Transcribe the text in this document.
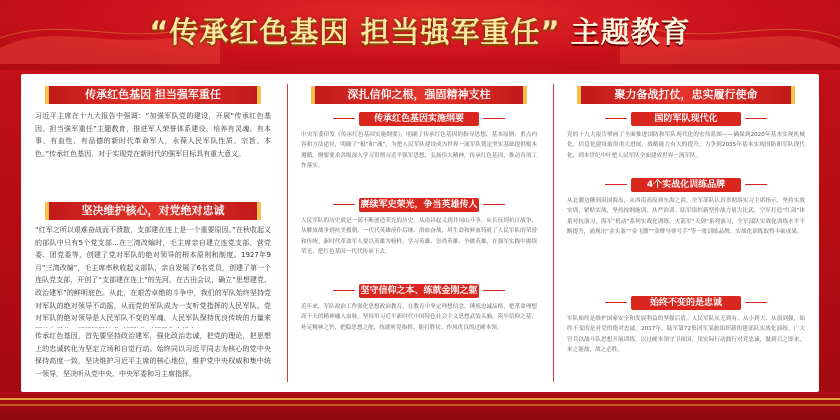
“传承红色基因 担当强军重任” 主题教育
传承红色基因 担当强军重任
习近平主席在十九大报告中强调：“加强军队党的建设，开展“传承红色基因、担当强军重任”主题教育，推进军人荣誉体系建设，培养有灵魂、有本事、有血性、有品德的新时代革命军人，永葆人民军队性质、宗旨、本色。”传承红色基因，对于实现党在新时代的强军目标具有重大意义。
坚决维护核心，对党绝对忠诚
“红军之所以艰难奋战而不溃散，支部建在连上是一个重要原因。”在秋收起义的部队中只有5个党支部...在三湾改编时，毛主席亲自建立连党支部、营党委、团党委等，创建了党对军队的绝对领导的根本原则和制度。1927年9月“三湾改编”，毛主席率秋收起义部队，亲自发展了6名党员，创建了第一个连队党支部，开创了“支部建在连上”的先河。在古田会议，确立“思想建党、政治建军”的鲜明底色。从此，在艰苦卓绝的斗争中，我们的军队始终坚持党对军队的绝对领导不动摇，从而党的军队成为一支听党指挥的人民军队。党对军队的绝对领导是人民军队不变的军魂，人民军队保持优良传统的力量来
传承红色基因，首先要坚持政治建军，强化政治忠诚，把党的理论，把思想上的忠诚转化为坚定立场和自觉行动。始终同以习近平同志为核心的党中央保持高度一致，坚决维护习近平主席的核心地位，维护党中央权威和集中统一领导，坚决听从党中央、中央军委和习主席指挥。
深扎信仰之根，强固精神支柱
传承红色基因实施纲要
中央军委印发《传承红色基因实施纲要》，明确了传承红色基因的指导思想、基本原则、重点内容和方法途径，明确了“根”和“魂”，为把人民军队建设成为世界一流军队奠定坚实基础提供根本遵循。纲要要求各级深入学习贯彻习近平强军思想，弘扬伟大精神，传承红色基因，推动各项工作落实。
赓续军史荣光，争当英雄传人
人民军队的历史就是一部不断创造荣光的历史。从南昌起义到井冈山斗争、从长征到抗日战争、从解放战争到抗美援朝，一代代英雄前仆后继、浴血奋战，用生命和鲜血铸就了人民军队的荣誉和传统。新时代革命军人要以英雄为榜样，学习英雄、崇尚英雄、争做英雄，在强军实践中赓续荣光，把红色基因一代代传承下去。
坚守信仰之本、练就金刚之躯
近年来，军队政治工作强化思想政治教育，在教育中坚定理想信念，锤炼忠诚品格，把革命理想高于天的精神融入血脉，坚持用习近平新时代中国特色社会主义思想武装头脑，筑牢信仰之基，补足精神之钙，把稳思想之舵，练就听党指挥、能打胜仗、作风优良的过硬本领。
聚力备战打仗，忠实履行使命
国防军队现代化
党的十九大报告擘画了全面推进国防和军队现代化的宏伟蓝图——确保到2020年基本实现机械化，信息化建设取得重大进展，战略能力有大的提升，力争到2035年基本实现国防和军队现代化，到本世纪中叶把人民军队全面建成世界一流军队。
4个实战化训练品牌
从北疆边陲到南国海岛，从西南高原到东海之滨，全军部队认真贯彻落实习主席指示，坚持实战实训，紧贴实战，坚持按纲施训，从严治训。陆军组织新型作战力量大比武，空军打造“红剑”体系对抗演习，海军“机动”系列实战化训练，火箭军“天剑”系列演习，全军部队实战化训练水平不断提升，涌现出“金头盔”“金飞镖”“金牌导弹号手”等一批训练品牌，实战化训练取得丰硕成果。
始终不变的是忠诚
军队始终是维护国家安全和发展利益的坚强后盾。人民军队从无到有、从小到大、从弱到强，始终不变的是对党的绝对忠诚。2017年，陆军第72集团军某旅组织新组建部队实战化演练。广大官兵以战斗队思想开展训练，以过硬本领守卫祖国，用实际行动践行对党忠诚，做到召之即来、来之能战、战之必胜。
